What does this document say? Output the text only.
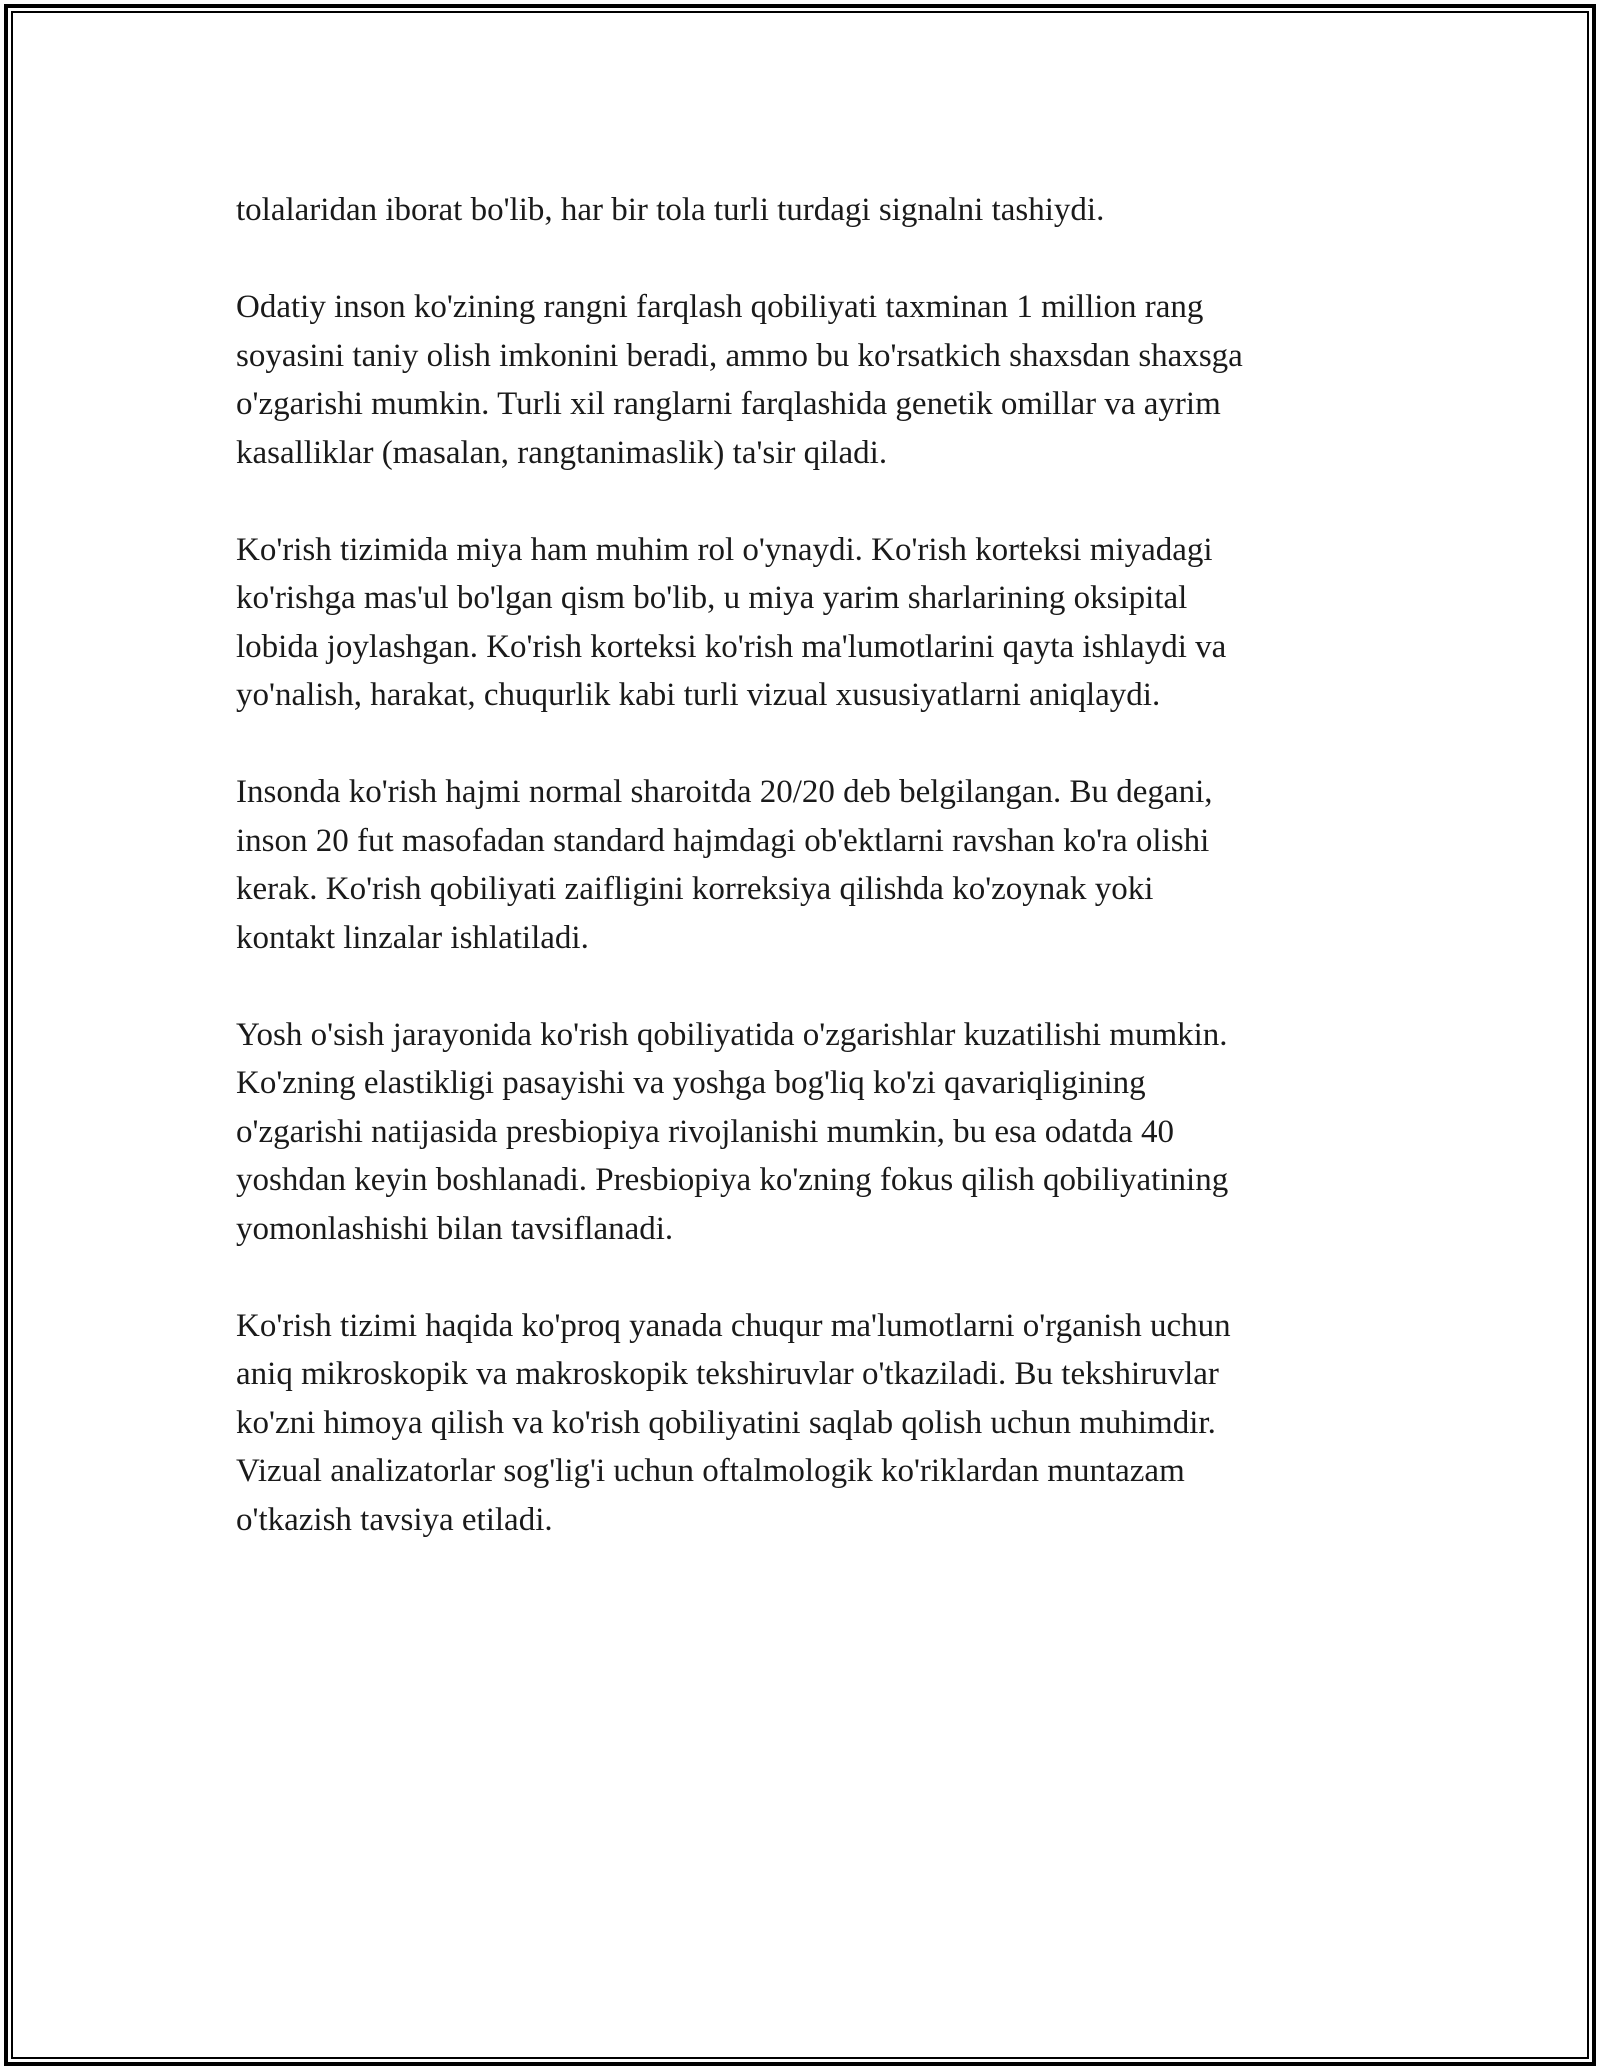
tolalaridan iborat bo'lib, har bir tola turli turdagi signalni tashiydi.

Odatiy inson ko'zining rangni farqlash qobiliyati taxminan 1 million rang
soyasini taniy olish imkonini beradi, ammo bu ko'rsatkich shaxsdan shaxsga
o'zgarishi mumkin. Turli xil ranglarni farqlashida genetik omillar va ayrim
kasalliklar (masalan, rangtanimaslik) ta'sir qiladi.

Ko'rish tizimida miya ham muhim rol o'ynaydi. Ko'rish korteksi miyadagi
ko'rishga mas'ul bo'lgan qism bo'lib, u miya yarim sharlarining oksipital
lobida joylashgan. Ko'rish korteksi ko'rish ma'lumotlarini qayta ishlaydi va
yo'nalish, harakat, chuqurlik kabi turli vizual xususiyatlarni aniqlaydi.

Insonda ko'rish hajmi normal sharoitda 20/20 deb belgilangan. Bu degani,
inson 20 fut masofadan standard hajmdagi ob'ektlarni ravshan ko'ra olishi
kerak. Ko'rish qobiliyati zaifligini korreksiya qilishda ko'zoynak yoki
kontakt linzalar ishlatiladi.

Yosh o'sish jarayonida ko'rish qobiliyatida o'zgarishlar kuzatilishi mumkin.
Ko'zning elastikligi pasayishi va yoshga bog'liq ko'zi qavariqligining
o'zgarishi natijasida presbiopiya rivojlanishi mumkin, bu esa odatda 40
yoshdan keyin boshlanadi. Presbiopiya ko'zning fokus qilish qobiliyatining
yomonlashishi bilan tavsiflanadi.

Ko'rish tizimi haqida ko'proq yanada chuqur ma'lumotlarni o'rganish uchun
aniq mikroskopik va makroskopik tekshiruvlar o'tkaziladi. Bu tekshiruvlar
ko'zni himoya qilish va ko'rish qobiliyatini saqlab qolish uchun muhimdir.
Vizual analizatorlar sog'lig'i uchun oftalmologik ko'riklardan muntazam
o'tkazish tavsiya etiladi.
